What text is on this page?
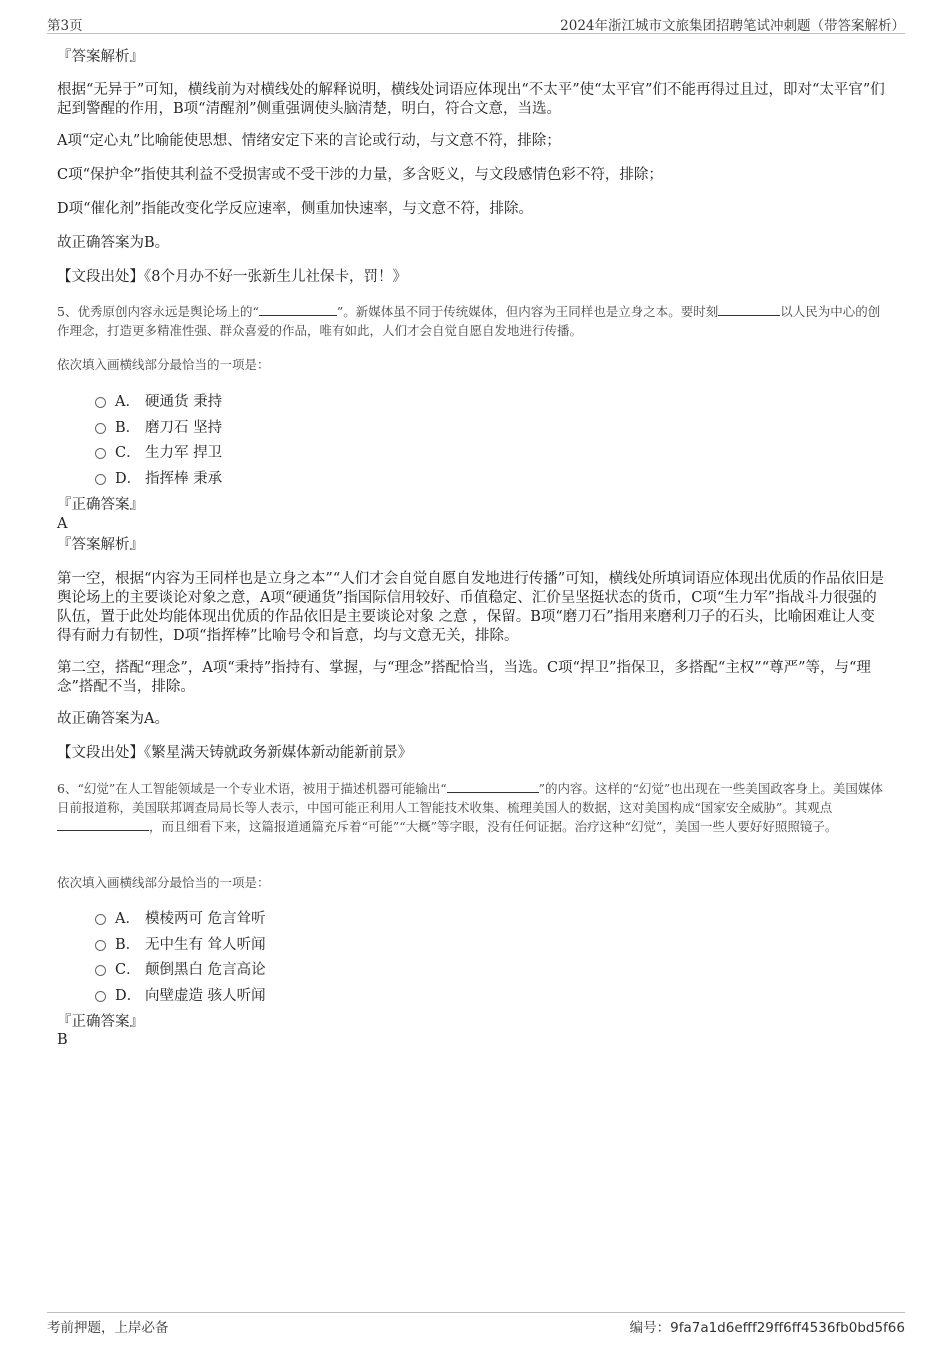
第3页	2024年浙江城市文旅集团招聘笔试冲刺题（带答案解析）
『答案解析』
根据“无异于”可知，横线前为对横线处的解释说明，横线处词语应体现出“不太平”使“太平官”们不能再得过且过，即对“太平官”们起到警醒的作用，B项“清醒剂”侧重强调使头脑清楚，明白，符合文意，当选。
A项“定心丸”比喻能使思想、情绪安定下来的言论或行动，与文意不符，排除；
C项“保护伞”指使其利益不受损害或不受干涉的力量，多含贬义，与文段感情色彩不符，排除；
D项“催化剂”指能改变化学反应速率，侧重加快速率，与文意不符，排除。
故正确答案为B。
【文段出处】《8个月办不好一张新生儿社保卡，罚！》
5、优秀原创内容永远是舆论场上的“	”。新媒体虽不同于传统媒体，但内容为王同样也是立身之本。要时刻	以人民为中心的创作理念，打造更多精准性强、群众喜爱的作品，唯有如此，人们才会自觉自愿自发地进行传播。
依次填入画横线部分最恰当的一项是：
A． 硬通货 秉持
B． 磨刀石 坚持
C． 生力军 捍卫
D． 指挥棒 秉承
『正确答案』
A
『答案解析』
第一空，根据“内容为王同样也是立身之本”“人们才会自觉自愿自发地进行传播”可知，横线处所填词语应体现出优质的作品依旧是舆论场上的主要谈论对象之意，A项“硬通货”指国际信用较好、币值稳定、汇价呈坚挺状态的货币，C项“生力军”指战斗力很强的队伍，置于此处均能体现出优质的作品依旧是主要谈论对象 之意 ，保留。B项“磨刀石”指用来磨利刀子的石头，比喻困难让人变得有耐力有韧性，D项“指挥棒”比喻号令和旨意，均与文意无关，排除。
第二空，搭配“理念”，A项“秉持”指持有、掌握，与“理念”搭配恰当，当选。C项“捍卫”指保卫，多搭配“主权”“尊严”等，与“理念”搭配不当，排除。
故正确答案为A。
【文段出处】《繁星满天铸就政务新媒体新动能新前景》
6、“幻觉”在人工智能领域是一个专业术语，被用于描述机器可能输出“	”的内容。这样的“幻觉”也出现在一些美国政客身上。美国媒体日前报道称，美国联邦调查局局长等人表示，中国可能正利用人工智能技术收集、梳理美国人的数据，这对美国构成“国家安全威胁”。其观点，而且细看下来，这篇报道通篇充斥着“可能”“大概”等字眼，没有任何证据。治疗这种“幻觉”，美国一些人要好好照照镜子。
依次填入画横线部分最恰当的一项是：
A． 模棱两可 危言耸听
B． 无中生有 耸人听闻
C． 颠倒黑白 危言高论
D． 向壁虚造 骇人听闻
『正确答案』
B
考前押题，上岸必备	编号：9fa7a1d6efff29ff6ff4536fb0bd5f66
